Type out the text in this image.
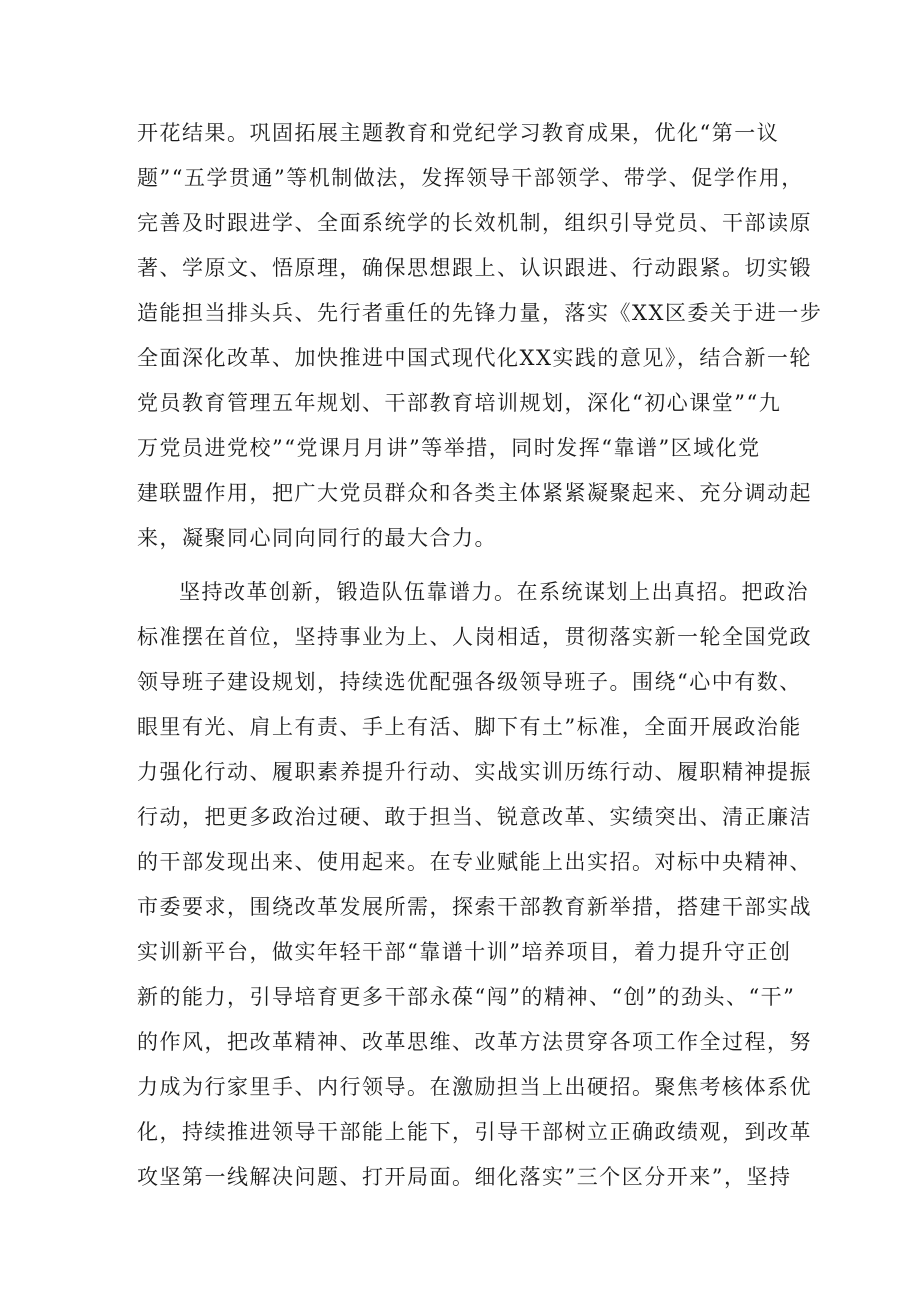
开花结果。巩固拓展主题教育和党纪学习教育成果，优化“第一议
题”“五学贯通”等机制做法，发挥领导干部领学、带学、促学作用，
完善及时跟进学、全面系统学的长效机制，组织引导党员、干部读原
著、学原文、悟原理，确保思想跟上、认识跟进、行动跟紧。切实锻
造能担当排头兵、先行者重任的先锋力量，落实《XX区委关于进一步
全面深化改革、加快推进中国式现代化XX实践的意见》，结合新一轮
党员教育管理五年规划、干部教育培训规划，深化“初心课堂”“九
万党员进党校”“党课月月讲”等举措，同时发挥“靠谱”区域化党
建联盟作用，把广大党员群众和各类主体紧紧凝聚起来、充分调动起
来，凝聚同心同向同行的最大合力。
坚持改革创新，锻造队伍靠谱力。在系统谋划上出真招。把政治
标准摆在首位，坚持事业为上、人岗相适，贯彻落实新一轮全国党政
领导班子建设规划，持续选优配强各级领导班子。围绕“心中有数、
眼里有光、肩上有责、手上有活、脚下有土”标准，全面开展政治能
力强化行动、履职素养提升行动、实战实训历练行动、履职精神提振
行动，把更多政治过硬、敢于担当、锐意改革、实绩突出、清正廉洁
的干部发现出来、使用起来。在专业赋能上出实招。对标中央精神、
市委要求，围绕改革发展所需，探索干部教育新举措，搭建干部实战
实训新平台，做实年轻干部“靠谱十训”培养项目，着力提升守正创
新的能力，引导培育更多干部永葆“闯”的精神、“创”的劲头、“干”
的作风，把改革精神、改革思维、改革方法贯穿各项工作全过程，努
力成为行家里手、内行领导。在激励担当上出硬招。聚焦考核体系优
化，持续推进领导干部能上能下，引导干部树立正确政绩观，到改革
攻坚第一线解决问题、打开局面。细化落实”三个区分开来”，坚持
